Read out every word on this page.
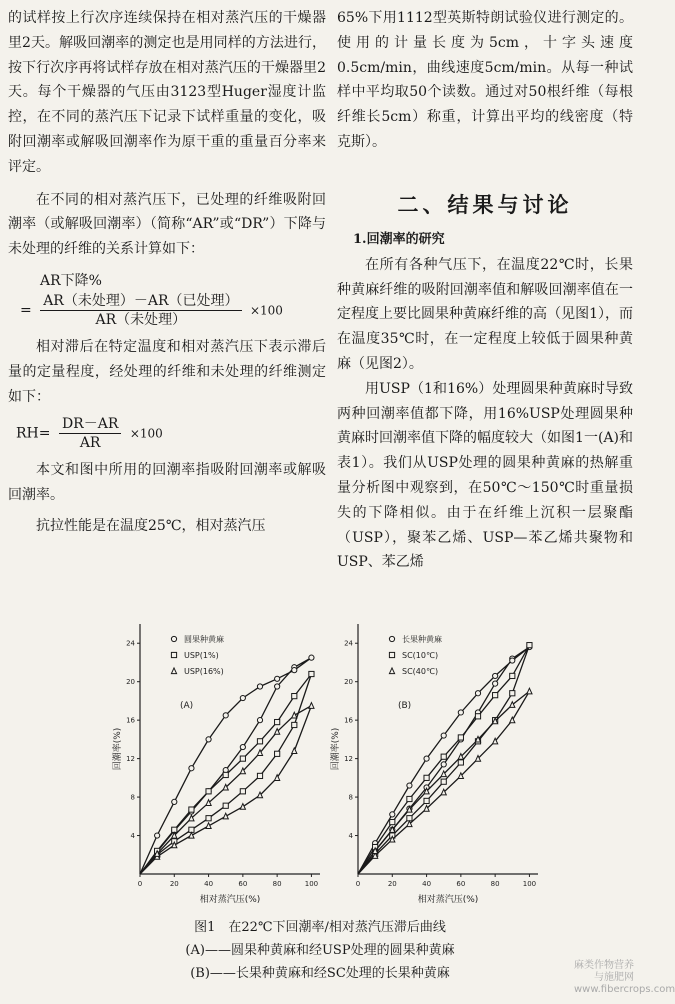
的试样按上行次序连续保持在相对蒸汽压的干燥器里2天。解吸回潮率的测定也是用同样的方法进行，按下行次序再将试样存放在相对蒸汽压的干燥器里2天。每个干燥器的气压由3123型Huger湿度计监控，在不同的蒸汽压下记录下试样重量的变化，吸附回潮率或解吸回潮率作为原干重的重量百分率来评定。

在不同的相对蒸汽压下，已处理的纤维吸附回潮率（或解吸回潮率）（简称“AR”或“DR”）下降与未处理的纤维的关系计算如下：

AR下降%
= $\frac{\text{AR（未处理）－AR（已处理）}}{\text{AR（未处理）}} \times 100$

相对滞后在特定温度和相对蒸汽压下表示滞后量的定量程度，经处理的纤维和未处理的纤维测定如下：

$RH= \frac{DR-AR}{AR} \times 100$

本文和图中所用的回潮率指吸附回潮率或解吸回潮率。

抗拉性能是在温度25℃，相对蒸汽压

65%下用1112型英斯特朗试验仪进行测定的。使用的计量长度为5cm，十字头速度0.5cm/min，曲线速度5cm/min。从每一种试样中平均取50个读数。通过对50根纤维（每根纤维长5cm）称重，计算出平均的线密度（特克斯）。

二、结果与讨论
1.回潮率的研究

在所有各种气压下，在温度22℃时，长果种黄麻纤维的吸附回潮率值和解吸回潮率值在一定程度上要比圆果种黄麻纤维的高（见图1），而在温度35℃时，在一定程度上较低于圆果种黄麻（见图2）。

用USP（1和16%）处理圆果种黄麻时导致两种回潮率值都下降，用16%USP处理圆果种黄麻时回潮率值下降的幅度较大（如图1一(A)和表1）。我们从USP处理的圆果种黄麻的热解重量分析图中观察到，在50℃～150℃时重量损失的下降相似。由于在纤维上沉积一层聚酯（USP），聚苯乙烯、USP—苯乙烯共聚物和USP、苯乙烯

0	20	40	60	80	100
4
8
12
16
20
24
相对蒸汽压(%)
回潮率(%)
(A)
圆果种黄麻
USP(1%)
USP(16%)
0	20	40	60	80	100
4
8
12
16
20
24
相对蒸汽压(%)
回潮率(%)
(B)
长果种黄麻
SC(10℃)
SC(40℃)
图1　在22℃下回潮率/相对蒸汽压滞后曲线
(A)——圆果种黄麻和经USP处理的圆果种黄麻
(B)——长果种黄麻和经SC处理的长果种黄麻
麻类作物营养与施肥网 www.fibercrops.com
